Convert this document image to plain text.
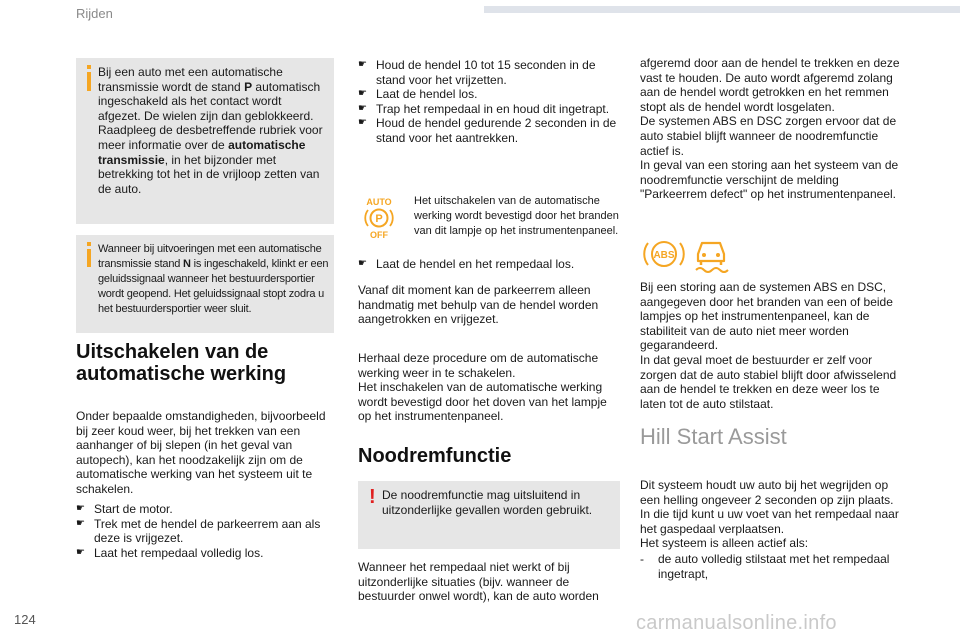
Rijden
Bij een auto met een automatische transmissie wordt de stand P automatisch ingeschakeld als het contact wordt afgezet. De wielen zijn dan geblokkeerd. Raadpleeg de desbetreffende rubriek voor meer informatie over de automatische transmissie, in het bijzonder met betrekking tot het in de vrijloop zetten van de auto.
Wanneer bij uitvoeringen met een automatische transmissie stand N is ingeschakeld, klinkt er een geluidssignaal wanneer het bestuurdersportier wordt geopend. Het geluidssignaal stopt zodra u het bestuurdersportier weer sluit.
Uitschakelen van de automatische werking
Onder bepaalde omstandigheden, bijvoorbeeld bij zeer koud weer, bij het trekken van een aanhanger of bij slepen (in het geval van autopech), kan het noodzakelijk zijn om de automatische werking van het systeem uit te schakelen.
☛ Start de motor.
☛ Trek met de hendel de parkeerrem aan als deze is vrijgezet.
☛ Laat het rempedaal volledig los.
☛ Houd de hendel 10 tot 15 seconden in de stand voor het vrijzetten.
☛ Laat de hendel los.
☛ Trap het rempedaal in en houd dit ingetrapt.
☛ Houd de hendel gedurende 2 seconden in de stand voor het aantrekken.
AUTO
P
OFF
Het uitschakelen van de automatische werking wordt bevestigd door het branden van dit lampje op het instrumentenpaneel.
☛ Laat de hendel en het rempedaal los.
Vanaf dit moment kan de parkeerrem alleen handmatig met behulp van de hendel worden aangetrokken en vrijgezet.
Herhaal deze procedure om de automatische werking weer in te schakelen.
Het inschakelen van de automatische werking wordt bevestigd door het doven van het lampje op het instrumentenpaneel.
Noodremfunctie
! De noodremfunctie mag uitsluitend in uitzonderlijke gevallen worden gebruikt.
Wanneer het rempedaal niet werkt of bij uitzonderlijke situaties (bijv. wanneer de bestuurder onwel wordt), kan de auto worden
afgeremd door aan de hendel te trekken en deze vast te houden. De auto wordt afgeremd zolang aan de hendel wordt getrokken en het remmen stopt als de hendel wordt losgelaten.
De systemen ABS en DSC zorgen ervoor dat de auto stabiel blijft wanneer de noodremfunctie actief is.
In geval van een storing aan het systeem van de noodremfunctie verschijnt de melding "Parkeerrem defect" op het instrumentenpaneel.
ABS
Bij een storing aan de systemen ABS en DSC, aangegeven door het branden van een of beide lampjes op het instrumentenpaneel, kan de stabiliteit van de auto niet meer worden gegarandeerd.
In dat geval moet de bestuurder er zelf voor zorgen dat de auto stabiel blijft door afwisselend aan de hendel te trekken en deze weer los te laten tot de auto stilstaat.
Hill Start Assist
Dit systeem houdt uw auto bij het wegrijden op een helling ongeveer 2 seconden op zijn plaats. In die tijd kunt u uw voet van het rempedaal naar het gaspedaal verplaatsen.
Het systeem is alleen actief als:
- de auto volledig stilstaat met het rempedaal ingetrapt,
124	carmanualsonline.info
